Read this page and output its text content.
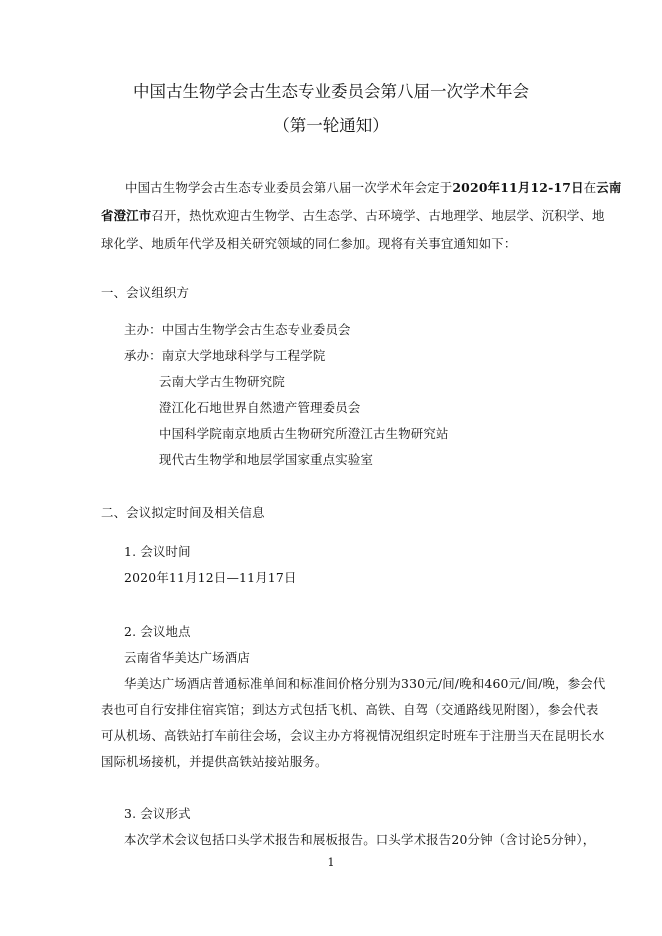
中国古生物学会古生态专业委员会第八届一次学术年会
（第一轮通知）
中国古生物学会古生态专业委员会第八届一次学术年会定于2020年11月12-17日在云南
省澄江市召开，热忱欢迎古生物学、古生态学、古环境学、古地理学、地层学、沉积学、地
球化学、地质年代学及相关研究领域的同仁参加。现将有关事宜通知如下：
一、会议组织方
主办：中国古生物学会古生态专业委员会
承办：南京大学地球科学与工程学院
云南大学古生物研究院
澄江化石地世界自然遗产管理委员会
中国科学院南京地质古生物研究所澄江古生物研究站
现代古生物学和地层学国家重点实验室
二、会议拟定时间及相关信息
1. 会议时间
2020年11月12日—11月17日
2. 会议地点
云南省华美达广场酒店
华美达广场酒店普通标准单间和标准间价格分别为330元/间/晚和460元/间/晚，参会代
表也可自行安排住宿宾馆；到达方式包括飞机、高铁、自驾（交通路线见附图），参会代表
可从机场、高铁站打车前往会场，会议主办方将视情况组织定时班车于注册当天在昆明长水
国际机场接机，并提供高铁站接站服务。
3. 会议形式
本次学术会议包括口头学术报告和展板报告。口头学术报告20分钟（含讨论5分钟），
1
